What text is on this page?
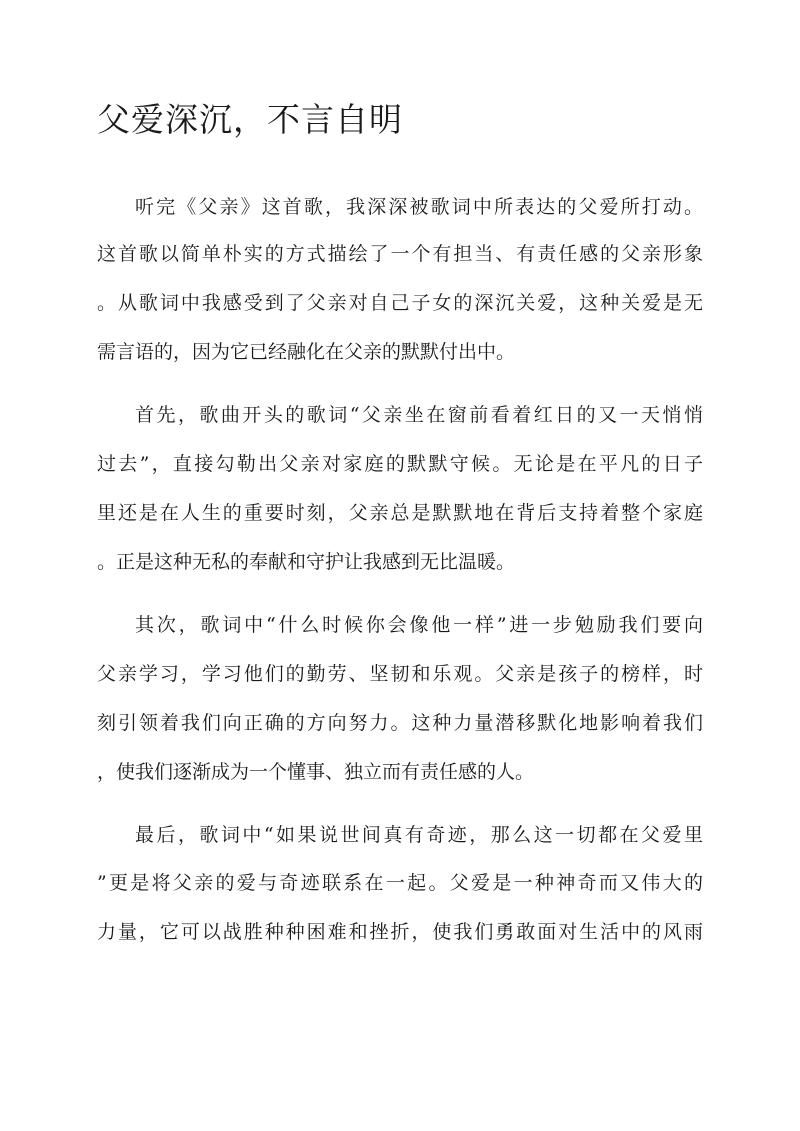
父爱深沉，不言自明

听完《父亲》这首歌，我深深被歌词中所表达的父爱所打动。

这首歌以简单朴实的方式描绘了一个有担当、有责任感的父亲形象

。从歌词中我感受到了父亲对自己子女的深沉关爱，这种关爱是无

需言语的，因为它已经融化在父亲的默默付出中。

首先，歌曲开头的歌词“父亲坐在窗前看着红日的又一天悄悄

过去”，直接勾勒出父亲对家庭的默默守候。无论是在平凡的日子

里还是在人生的重要时刻，父亲总是默默地在背后支持着整个家庭

。正是这种无私的奉献和守护让我感到无比温暖。

其次，歌词中“什么时候你会像他一样”进一步勉励我们要向

父亲学习，学习他们的勤劳、坚韧和乐观。父亲是孩子的榜样，时

刻引领着我们向正确的方向努力。这种力量潜移默化地影响着我们

，使我们逐渐成为一个懂事、独立而有责任感的人。

最后，歌词中“如果说世间真有奇迹，那么这一切都在父爱里

”更是将父亲的爱与奇迹联系在一起。父爱是一种神奇而又伟大的

力量，它可以战胜种种困难和挫折，使我们勇敢面对生活中的风雨
